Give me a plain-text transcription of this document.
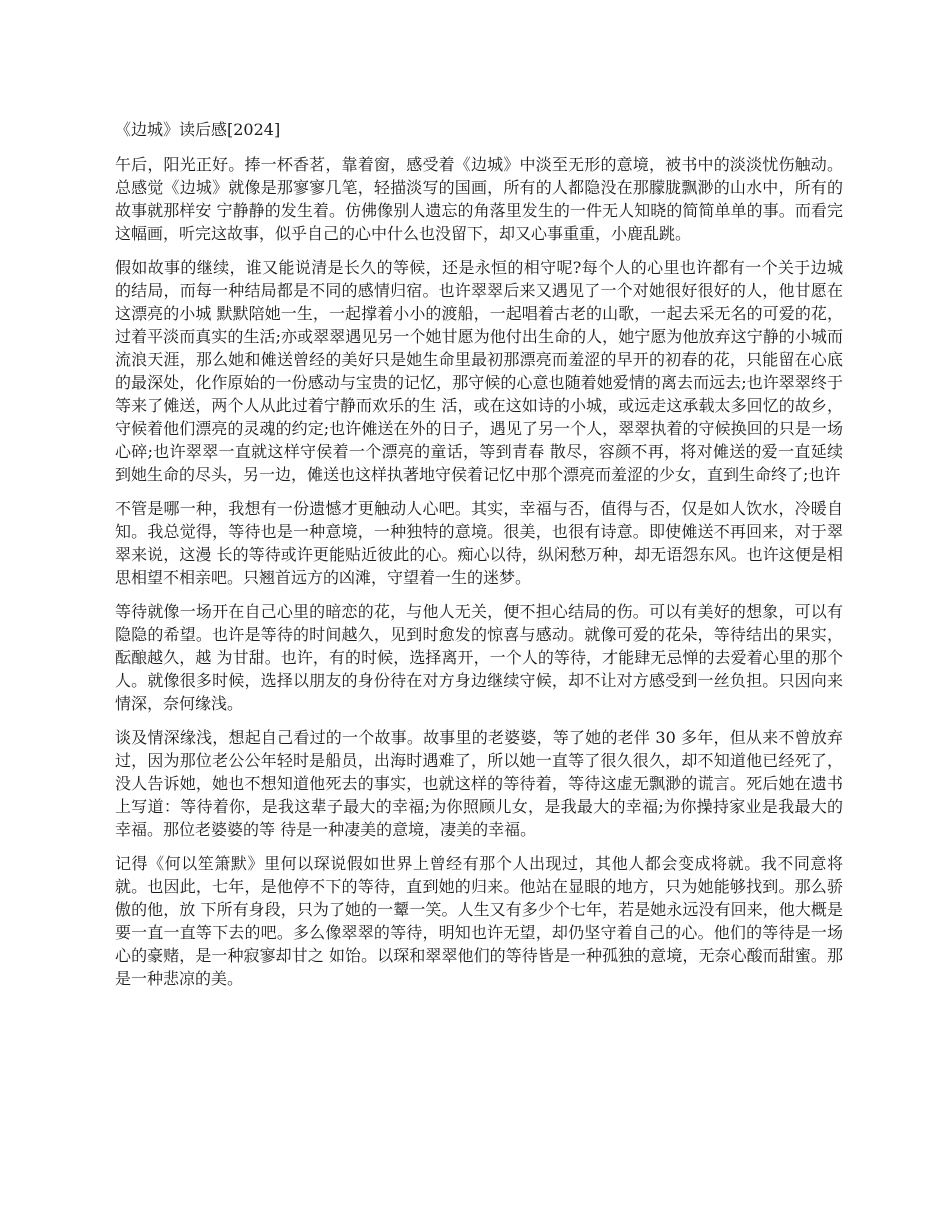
《边城》读后感[2024]

午后，阳光正好。捧一杯香茗，靠着窗，感受着《边城》中淡至无形的意境，被书中的淡淡忧伤触动。总感觉《边城》就像是那寥寥几笔，轻描淡写的国画，所有的人都隐没在那朦胧飘渺的山水中，所有的故事就那样安 宁静静的发生着。仿佛像别人遗忘的角落里发生的一件无人知晓的简简单单的事。而看完这幅画，听完这故事，似乎自己的心中什么也没留下，却又心事重重，小鹿乱跳。

假如故事的继续，谁又能说清是长久的等候，还是永恒的相守呢?每个人的心里也许都有一个关于边城的结局，而每一种结局都是不同的感情归宿。也许翠翠后来又遇见了一个对她很好很好的人，他甘愿在这漂亮的小城 默默陪她一生，一起撑着小小的渡船，一起唱着古老的山歌，一起去采无名的可爱的花，过着平淡而真实的生活;亦或翠翠遇见另一个她甘愿为他付出生命的人，她宁愿为他放弃这宁静的小城而流浪天涯，那么她和傩送曾经的美好只是她生命里最初那漂亮而羞涩的早开的初春的花，只能留在心底的最深处，化作原始的一份感动与宝贵的记忆，那守候的心意也随着她爱情的离去而远去;也许翠翠终于等来了傩送，两个人从此过着宁静而欢乐的生 活，或在这如诗的小城，或远走这承载太多回忆的故乡，守候着他们漂亮的灵魂的约定;也许傩送在外的日子，遇见了另一个人，翠翠执着的守候换回的只是一场心碎;也许翠翠一直就这样守侯着一个漂亮的童话，等到青春 散尽，容颜不再，将对傩送的爱一直延续到她生命的尽头，另一边，傩送也这样执著地守侯着记忆中那个漂亮而羞涩的少女，直到生命终了;也许

不管是哪一种，我想有一份遗憾才更触动人心吧。其实，幸福与否，值得与否，仅是如人饮水，冷暖自知。我总觉得，等待也是一种意境，一种独特的意境。很美，也很有诗意。即使傩送不再回来，对于翠翠来说，这漫 长的等待或许更能贴近彼此的心。痴心以待，纵闲愁万种，却无语怨东风。也许这便是相思相望不相亲吧。只翘首远方的凶滩，守望着一生的迷梦。

等待就像一场开在自己心里的暗恋的花，与他人无关，便不担心结局的伤。可以有美好的想象，可以有隐隐的希望。也许是等待的时间越久，见到时愈发的惊喜与感动。就像可爱的花朵，等待结出的果实，酝酿越久，越 为甘甜。也许，有的时候，选择离开，一个人的等待，才能肆无忌惮的去爱着心里的那个人。就像很多时候，选择以朋友的身份待在对方身边继续守候，却不让对方感受到一丝负担。只因向来情深，奈何缘浅。

谈及情深缘浅，想起自己看过的一个故事。故事里的老婆婆，等了她的老伴 30 多年，但从来不曾放弃过，因为那位老公公年轻时是船员，出海时遇难了，所以她一直等了很久很久，却不知道他已经死了，没人告诉她，她也不想知道他死去的事实，也就这样的等待着，等待这虚无飘渺的谎言。死后她在遗书上写道：等待着你，是我这辈子最大的幸福;为你照顾儿女，是我最大的幸福;为你操持家业是我最大的幸福。那位老婆婆的等 待是一种凄美的意境，凄美的幸福。

记得《何以笙箫默》里何以琛说假如世界上曾经有那个人出现过，其他人都会变成将就。我不同意将就。也因此，七年，是他停不下的等待，直到她的归来。他站在显眼的地方，只为她能够找到。那么骄傲的他，放 下所有身段，只为了她的一颦一笑。人生又有多少个七年，若是她永远没有回来，他大概是要一直一直等下去的吧。多么像翠翠的等待，明知也许无望，却仍坚守着自己的心。他们的等待是一场心的豪赌，是一种寂寥却甘之 如饴。以琛和翠翠他们的等待皆是一种孤独的意境，无奈心酸而甜蜜。那是一种悲凉的美。
